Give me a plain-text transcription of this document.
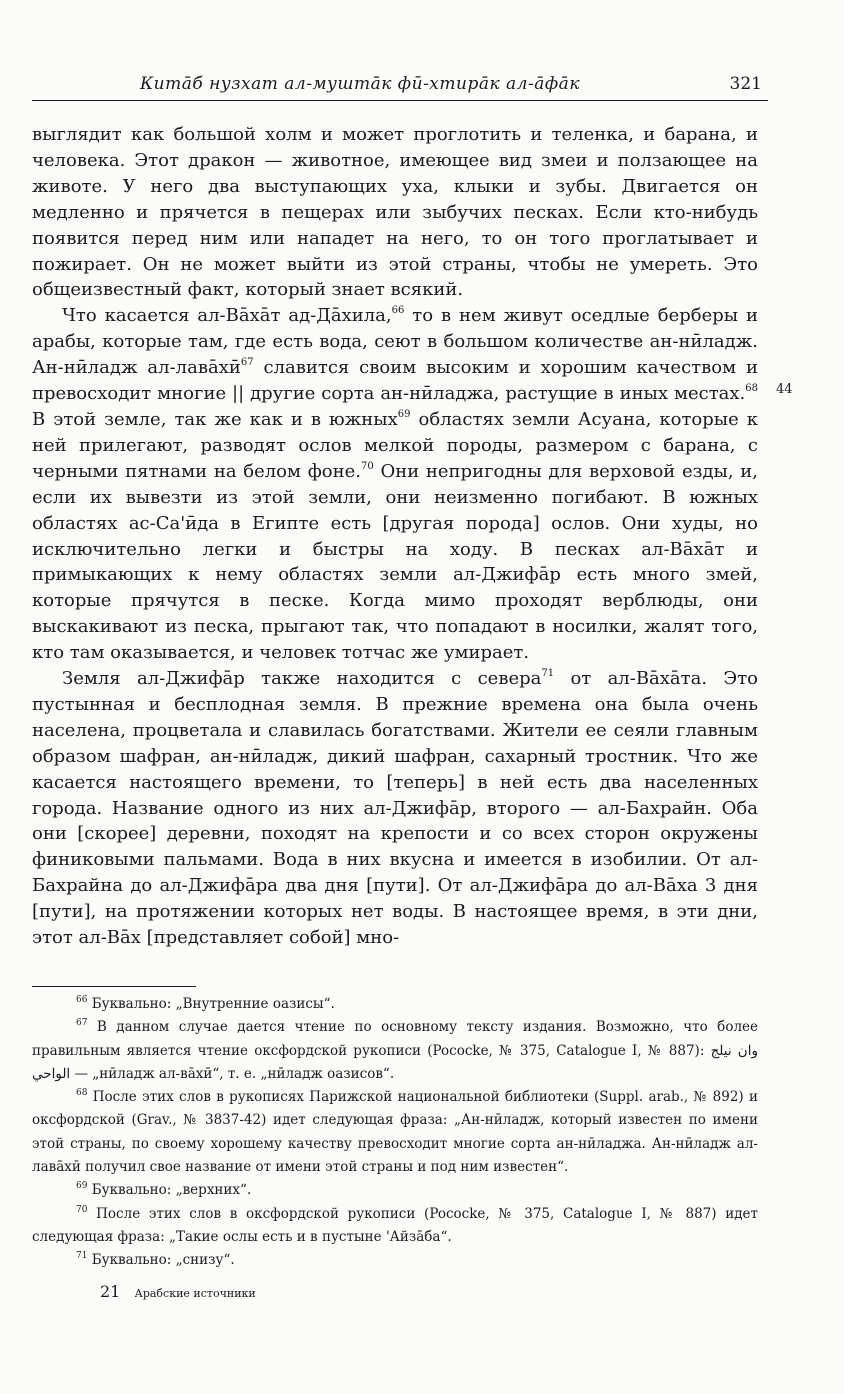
Китāб нузхат ал-муштāк фӣ-хтирāк ал-āфāк	321
44

выглядит как большой холм и может проглотить и теленка, и барана, и человека. Этот дракон — животное, имеющее вид змеи и ползающее на животе. У него два выступающих уха, клыки и зубы. Двигается он медленно и прячется в пещерах или зыбучих песках. Если кто-нибудь появится перед ним или нападет на него, то он того проглатывает и пожирает. Он не может выйти из этой страны, чтобы не умереть. Это общеизвестный факт, который знает всякий.

Что касается ал-Вāхāт ад-Дāхила,$^{66}$ то в нем живут оседлые берберы и арабы, которые там, где есть вода, сеют в большом количестве ан-нӣладж. Ан-нӣладж ал-лавāхӣ$^{67}$ славится своим высоким и хорошим качеством и превосходит многие || другие сорта ан-нӣладжа, растущие в иных местах.$^{68}$ В этой земле, так же как и в южных$^{69}$ областях земли Асуана, которые к ней прилегают, разводят ослов мелкой породы, размером с барана, с черными пятнами на белом фоне.$^{70}$ Они непригодны для верховой езды, и, если их вывезти из этой земли, они неизменно погибают. В южных областях ас-Са'ӣда в Египте есть [другая порода] ослов. Они худы, но исключительно легки и быстры на ходу. В песках ал-Вāхāт и примыкающих к нему областях земли ал-Джифāр есть много змей, которые прячутся в песке. Когда мимо проходят верблюды, они выскакивают из песка, прыгают так, что попадают в носилки, жалят того, кто там оказывается, и человек тотчас же умирает.

Земля ал-Джифāр также находится с севера$^{71}$ от ал-Вāхāта. Это пустынная и бесплодная земля. В прежние времена она была очень населена, процветала и славилась богатствами. Жители ее сеяли главным образом шафран, ан-нӣладж, дикий шафран, сахарный тростник. Что же касается настоящего времени, то [теперь] в ней есть два населенных города. Название одного из них ал-Джифāр, второго — ал-Бахрайн. Оба они [скорее] деревни, походят на крепости и со всех сторон окружены финиковыми пальмами. Вода в них вкусна и имеется в изобилии. От ал-Бахрайна до ал-Джифāра два дня [пути]. От ал-Джифāра до ал-Вāха 3 дня [пути], на протяжении которых нет воды. В настоящее время, в эти дни, этот ал-Вāх [представляет собой] мно-

$^{66}$ Буквально: „Внутренние оазисы“.

$^{67}$ В данном случае дается чтение по основному тексту издания. Возможно, что более правильным является чтение оксфордской рукописи (Pococke, № 375, Catalogue I, № 887): وان نيلج الواحي — „нӣладж ал-вāхӣ“, т. е. „нӣладж оазисов“.

$^{68}$ После этих слов в рукописях Парижской национальной библиотеки (Suppl. arab., № 892) и оксфордской (Grav., № 3837-42) идет следующая фраза: „Ан-нӣладж, который известен по имени этой страны, по своему хорошему качеству превосходит многие сорта ан-нӣладжа. Ан-нӣладж ал-лавāхӣ получил свое название от имени этой страны и под ним известен“.

$^{69}$ Буквально: „верхних“.

$^{70}$ После этих слов в оксфордской рукописи (Pococke, № 375, Catalogue I, № 887) идет следующая фраза: „Такие ослы есть и в пустыне 'Айзāба“.

$^{71}$ Буквально: „снизу“.

21 Арабские источники
